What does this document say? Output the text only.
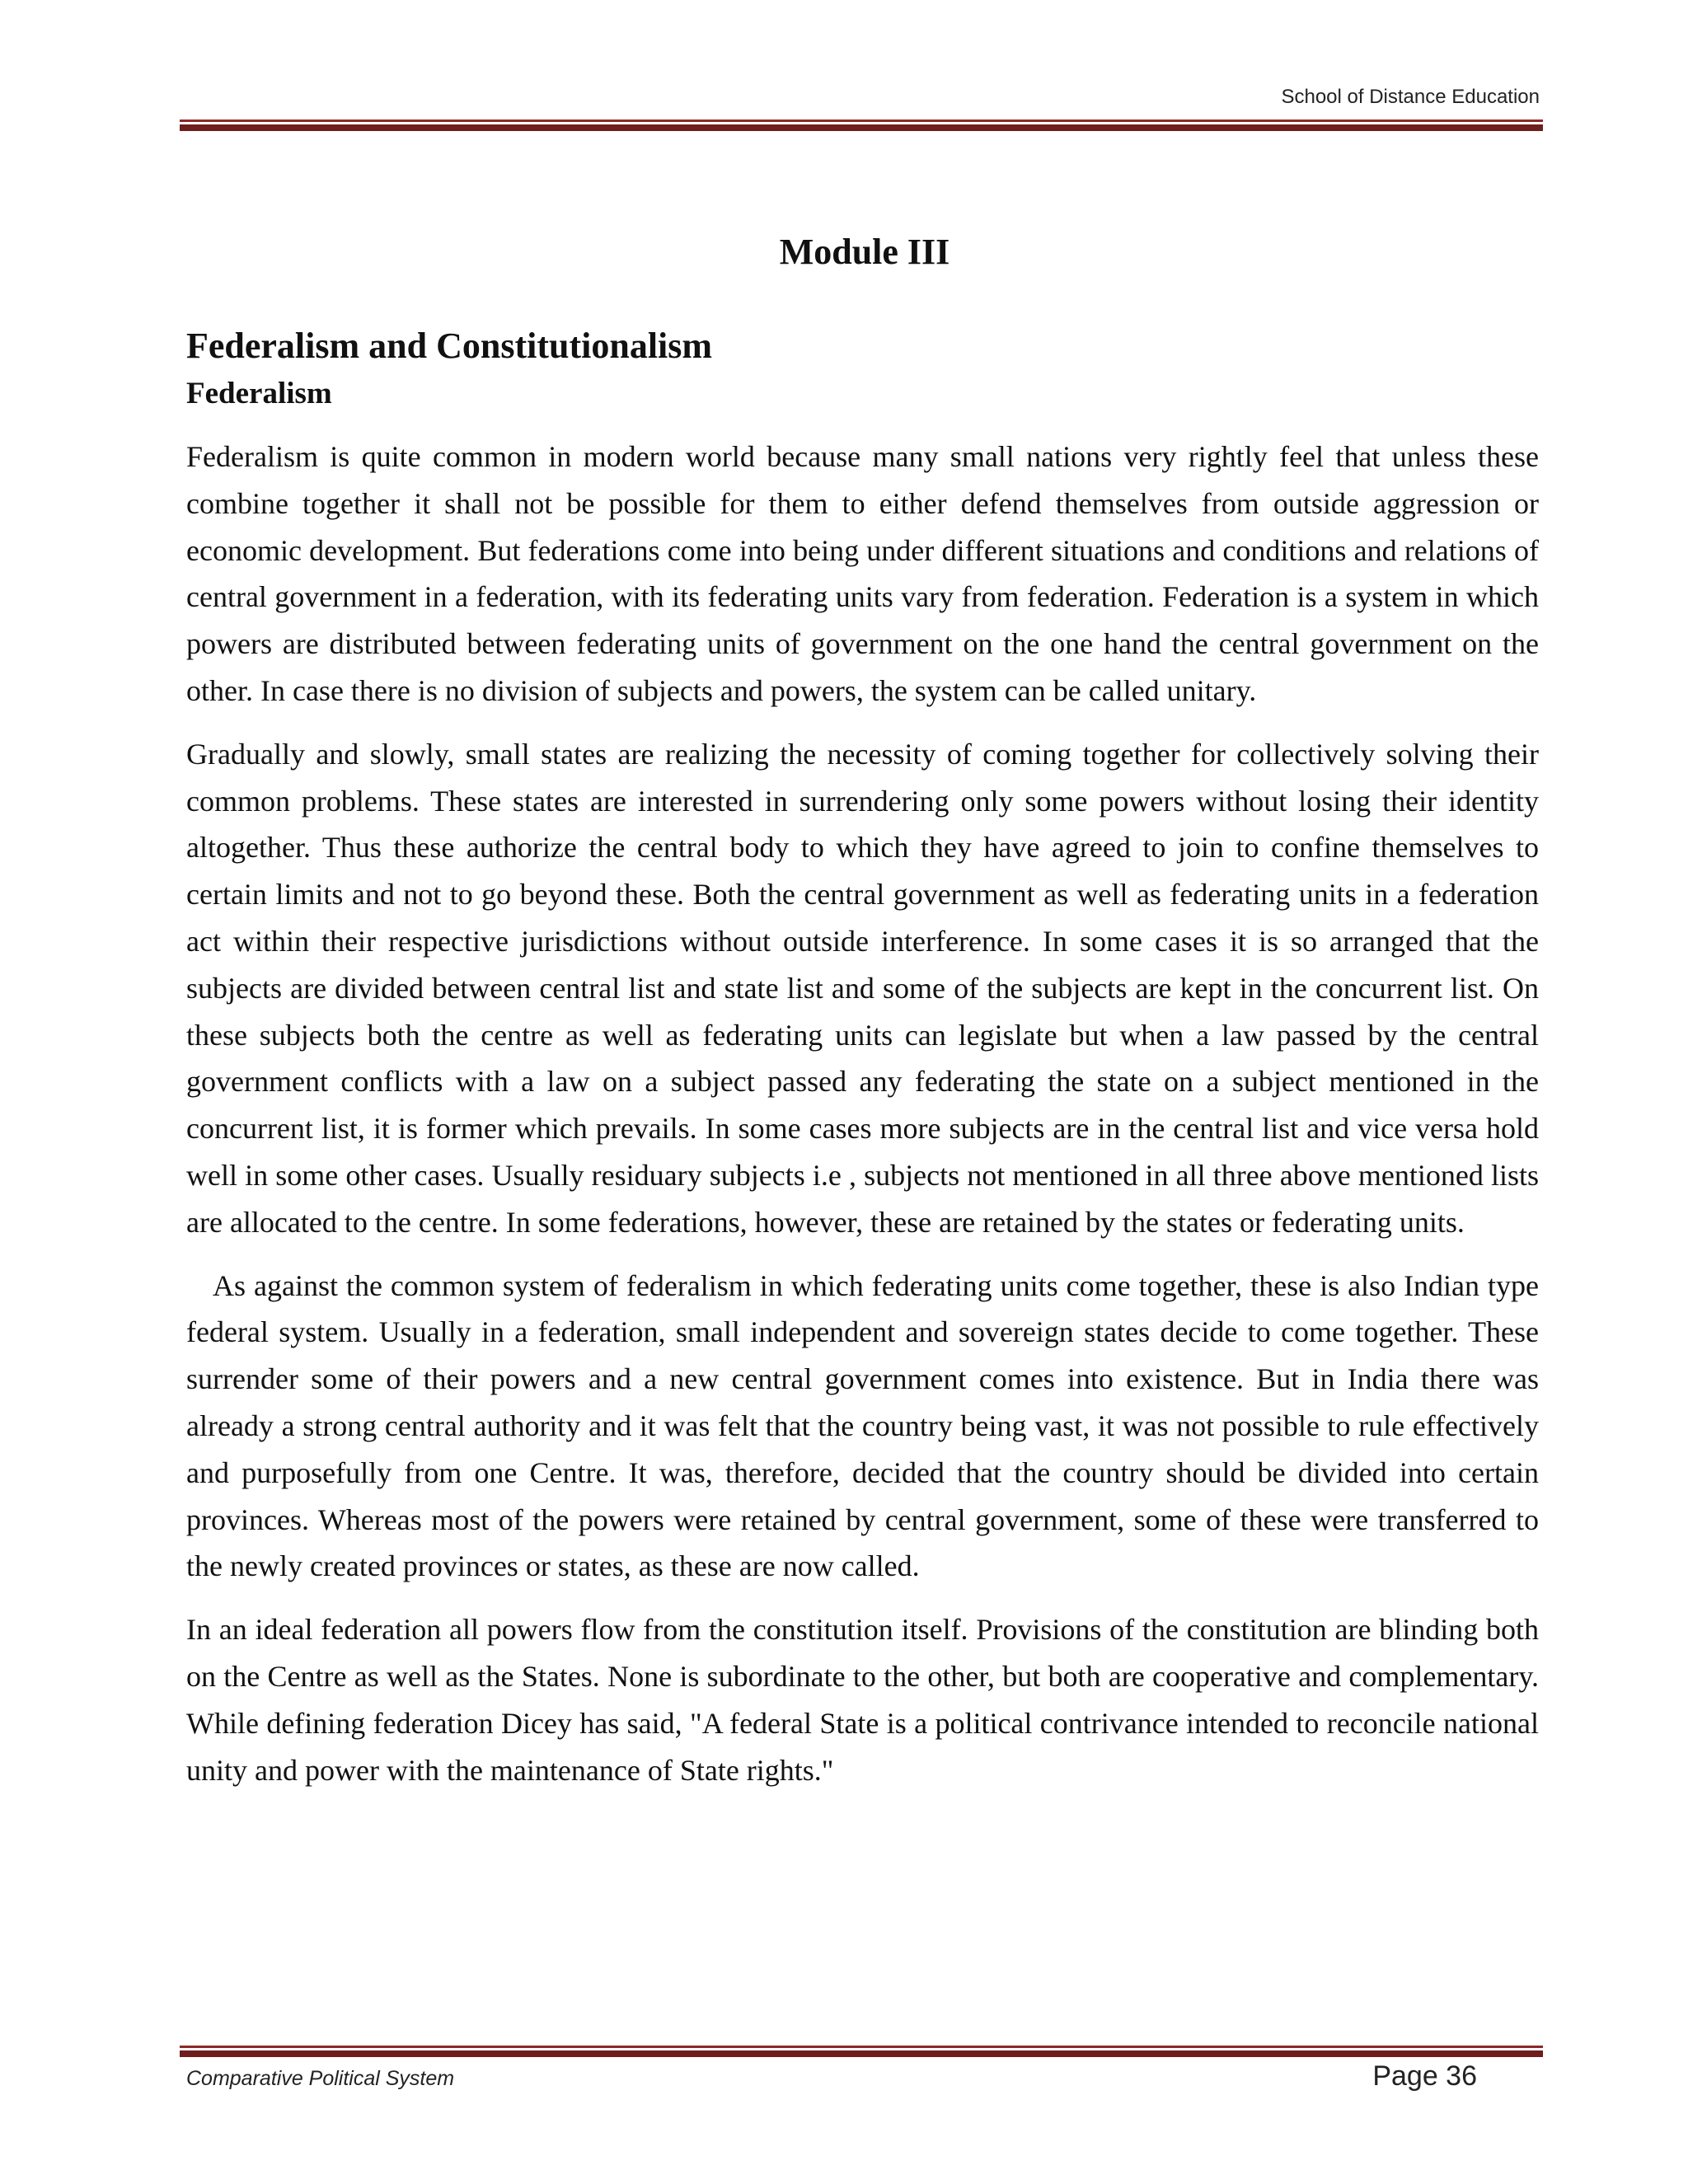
School of Distance Education
Module III
Federalism and Constitutionalism
Federalism

Federalism is quite common in modern world because many small nations very rightly feel that unless these combine together it shall not be possible for them to either defend themselves from outside aggression or economic development. But federations come into being under different situations and conditions and relations of central government in a federation, with its federating units vary from federation. Federation is a system in which powers are distributed between federating units of government on the one hand the central government on the other. In case there is no division of subjects and powers, the system can be called unitary.

Gradually and slowly, small states are realizing the necessity of coming together for collectively solving their common problems. These states are interested in surrendering only some powers without losing their identity altogether. Thus these authorize the central body to which they have agreed to join to confine themselves to certain limits and not to go beyond these. Both the central government as well as federating units in a federation act within their respective jurisdictions without outside interference. In some cases it is so arranged that the subjects are divided between central list and state list and some of the subjects are kept in the concurrent list. On these subjects both the centre as well as federating units can legislate but when a law passed by the central government conflicts with a law on a subject passed any federating the state on a subject mentioned in the concurrent list, it is former which prevails. In some cases more subjects are in the central list and vice versa hold well in some other cases. Usually residuary subjects i.e , subjects not mentioned in all three above mentioned lists are allocated to the centre. In some federations, however, these are retained by the states or federating units.

As against the common system of federalism in which federating units come together, these is also Indian type federal system. Usually in a federation, small independent and sovereign states decide to come together. These surrender some of their powers and a new central government comes into existence. But in India there was already a strong central authority and it was felt that the country being vast, it was not possible to rule effectively and purposefully from one Centre. It was, therefore, decided that the country should be divided into certain provinces. Whereas most of the powers were retained by central government, some of these were transferred to the newly created provinces or states, as these are now called.

In an ideal federation all powers flow from the constitution itself. Provisions of the constitution are blinding both on the Centre as well as the States. None is subordinate to the other, but both are cooperative and complementary. While defining federation Dicey has said, "A federal State is a political contrivance intended to reconcile national unity and power with the maintenance of State rights."

Comparative Political System	Page 36
